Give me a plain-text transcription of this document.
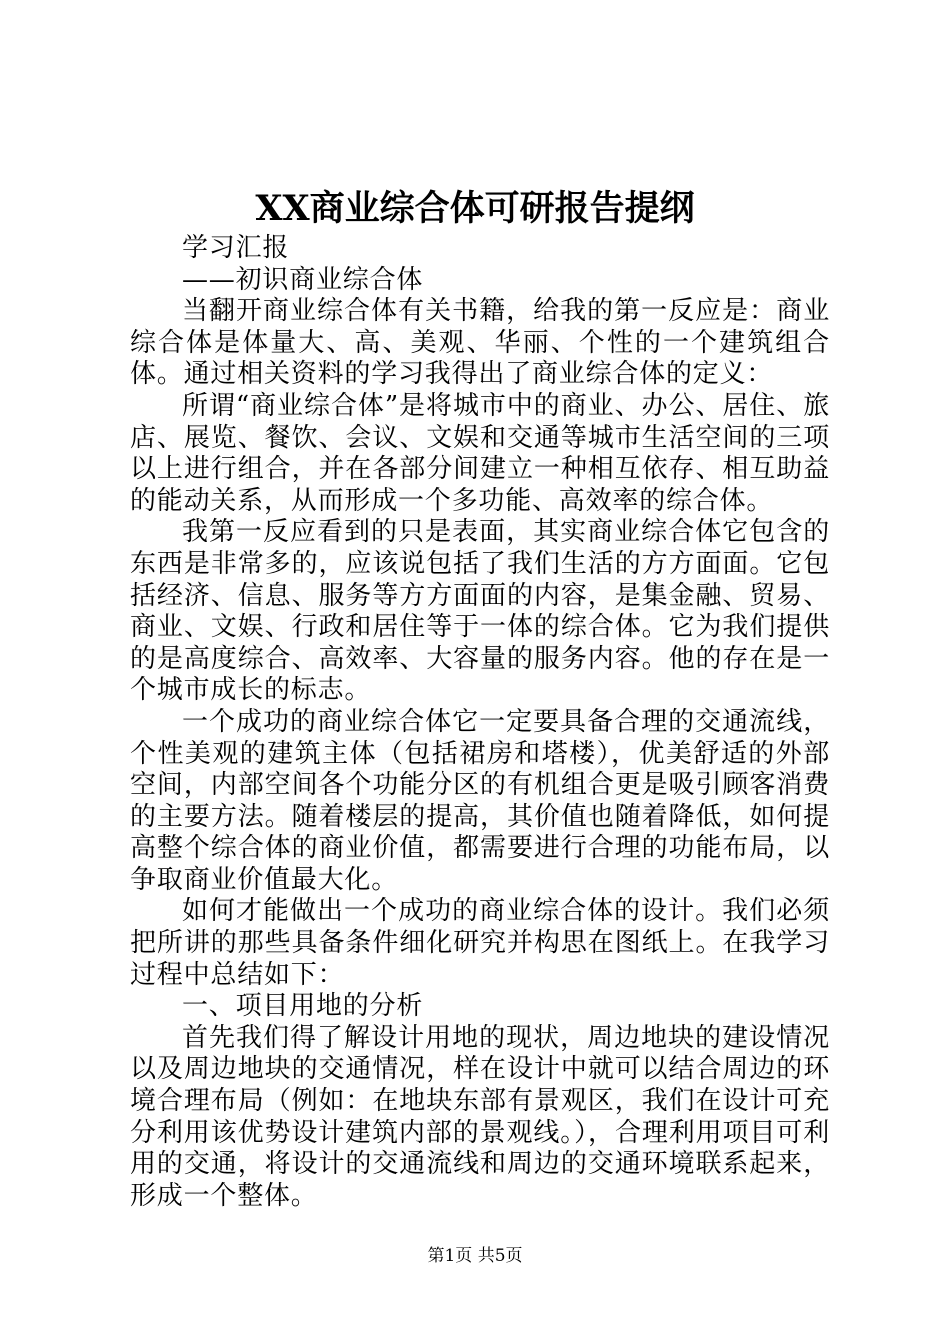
XX商业综合体可研报告提纲

学习汇报

——初识商业综合体

当翻开商业综合体有关书籍，给我的第一反应是：商业综合体是体量大、高、美观、华丽、个性的一个建筑组合体。通过相关资料的学习我得出了商业综合体的定义：

所谓“商业综合体”是将城市中的商业、办公、居住、旅店、展览、餐饮、会议、文娱和交通等城市生活空间的三项以上进行组合，并在各部分间建立一种相互依存、相互助益的能动关系，从而形成一个多功能、高效率的综合体。

我第一反应看到的只是表面，其实商业综合体它包含的东西是非常多的，应该说包括了我们生活的方方面面。它包括经济、信息、服务等方方面面的内容，是集金融、贸易、商业、文娱、行政和居住等于一体的综合体。它为我们提供的是高度综合、高效率、大容量的服务内容。他的存在是一个城市成长的标志。

一个成功的商业综合体它一定要具备合理的交通流线，个性美观的建筑主体（包括裙房和塔楼），优美舒适的外部空间，内部空间各个功能分区的有机组合更是吸引顾客消费的主要方法。随着楼层的提高，其价值也随着降低，如何提高整个综合体的商业价值，都需要进行合理的功能布局，以争取商业价值最大化。

如何才能做出一个成功的商业综合体的设计。我们必须把所讲的那些具备条件细化研究并构思在图纸上。在我学习过程中总结如下：

一、项目用地的分析

首先我们得了解设计用地的现状，周边地块的建设情况以及周边地块的交通情况，样在设计中就可以结合周边的环境合理布局（例如：在地块东部有景观区，我们在设计可充分利用该优势设计建筑内部的景观线。），合理利用项目可利用的交通，将设计的交通流线和周边的交通环境联系起来，形成一个整体。

第1页 共5页
